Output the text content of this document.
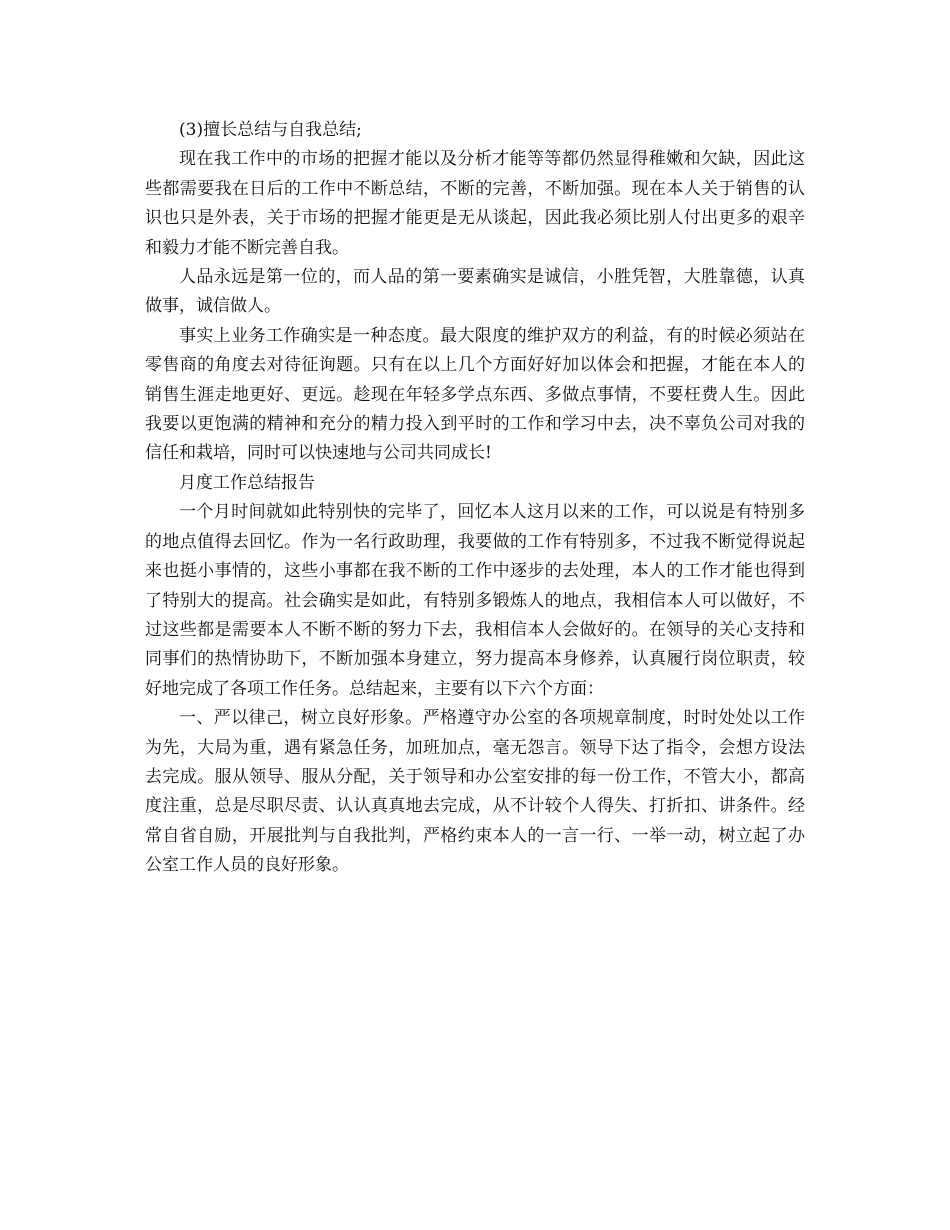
(3)擅长总结与自我总结;

现在我工作中的市场的把握才能以及分析才能等等都仍然显得稚嫩和欠缺，因此这些都需要我在日后的工作中不断总结，不断的完善，不断加强。现在本人关于销售的认识也只是外表，关于市场的把握才能更是无从谈起，因此我必须比别人付出更多的艰辛和毅力才能不断完善自我。

人品永远是第一位的，而人品的第一要素确实是诚信，小胜凭智，大胜靠德，认真做事，诚信做人。

事实上业务工作确实是一种态度。最大限度的维护双方的利益，有的时候必须站在零售商的角度去对待征询题。只有在以上几个方面好好加以体会和把握，才能在本人的销售生涯走地更好、更远。趁现在年轻多学点东西、多做点事情，不要枉费人生。因此我要以更饱满的精神和充分的精力投入到平时的工作和学习中去，决不辜负公司对我的信任和栽培，同时可以快速地与公司共同成长!

月度工作总结报告

一个月时间就如此特别快的完毕了，回忆本人这月以来的工作，可以说是有特别多的地点值得去回忆。作为一名行政助理，我要做的工作有特别多，不过我不断觉得说起来也挺小事情的，这些小事都在我不断的工作中逐步的去处理，本人的工作才能也得到了特别大的提高。社会确实是如此，有特别多锻炼人的地点，我相信本人可以做好，不过这些都是需要本人不断不断的努力下去，我相信本人会做好的。在领导的关心支持和同事们的热情协助下，不断加强本身建立，努力提高本身修养，认真履行岗位职责，较好地完成了各项工作任务。总结起来，主要有以下六个方面：

一、严以律己，树立良好形象。严格遵守办公室的各项规章制度，时时处处以工作为先，大局为重，遇有紧急任务，加班加点，毫无怨言。领导下达了指令，会想方设法去完成。服从领导、服从分配，关于领导和办公室安排的每一份工作，不管大小，都高度注重，总是尽职尽责、认认真真地去完成，从不计较个人得失、打折扣、讲条件。经常自省自励，开展批判与自我批判，严格约束本人的一言一行、一举一动，树立起了办公室工作人员的良好形象。
